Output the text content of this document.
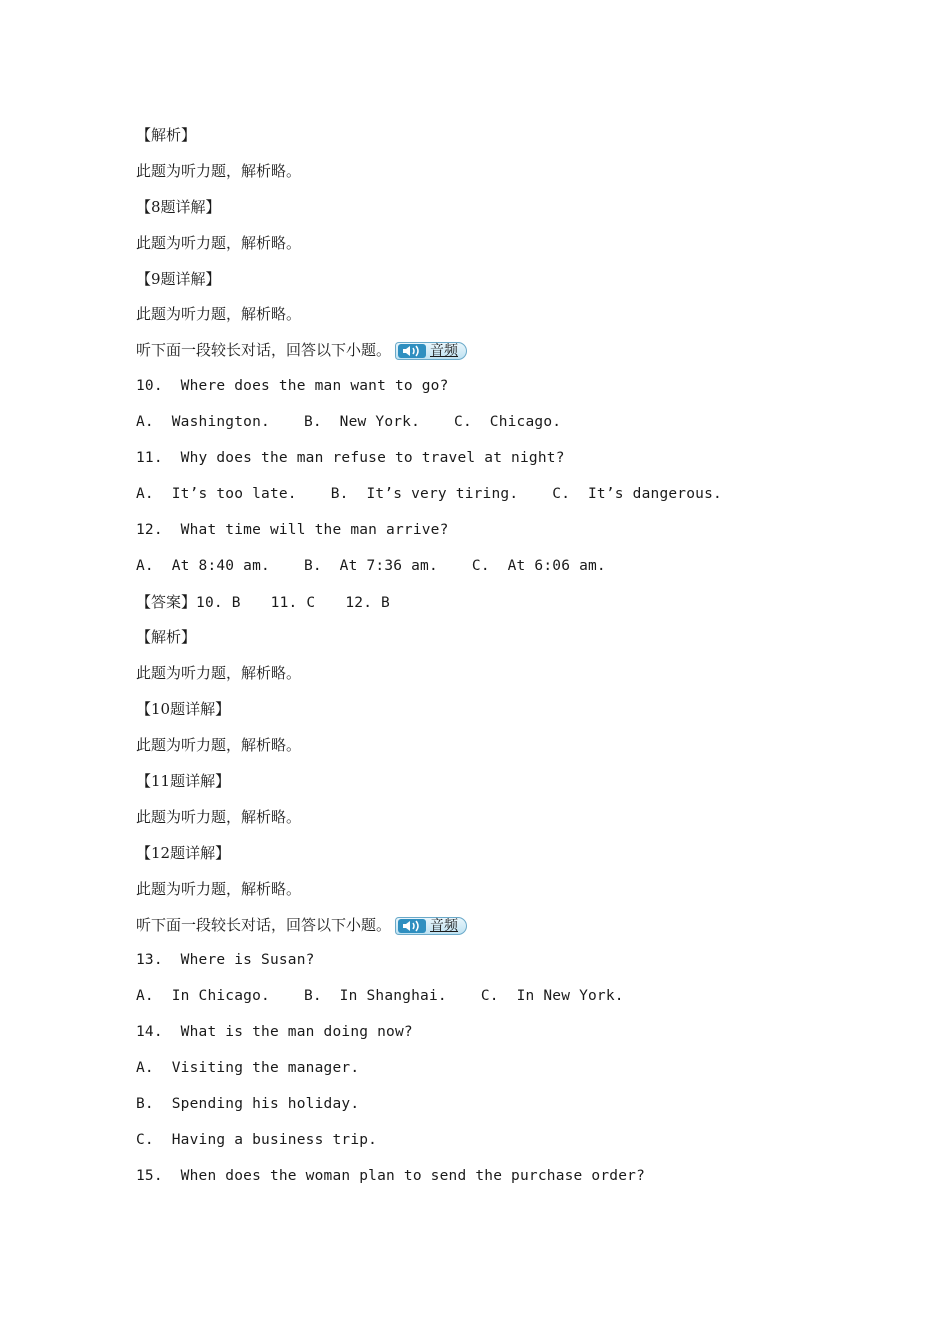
【解析】
此题为听力题，解析略。
【8题详解】
此题为听力题，解析略。
【9题详解】
此题为听力题，解析略。
听下面一段较长对话，回答以下小题。	音频
10.  Where does the man want to go?
A.  Washington. B.  New York. C.  Chicago.
11.  Why does the man refuse to travel at night?
A.  It’s too late. B.  It’s very tiring. C.  It’s dangerous.
12.  What time will the man arrive?
A.  At 8:40 am. B.  At 7:36 am. C.  At 6:06 am.
【答案】10. B 11. C 12. B
【解析】
此题为听力题，解析略。
【10题详解】
此题为听力题，解析略。
【11题详解】
此题为听力题，解析略。
【12题详解】
此题为听力题，解析略。
听下面一段较长对话，回答以下小题。	音频
13.  Where is Susan?
A.  In Chicago. B.  In Shanghai. C.  In New York.
14.  What is the man doing now?
A.  Visiting the manager.
B.  Spending his holiday.
C.  Having a business trip.
15.  When does the woman plan to send the purchase order?
